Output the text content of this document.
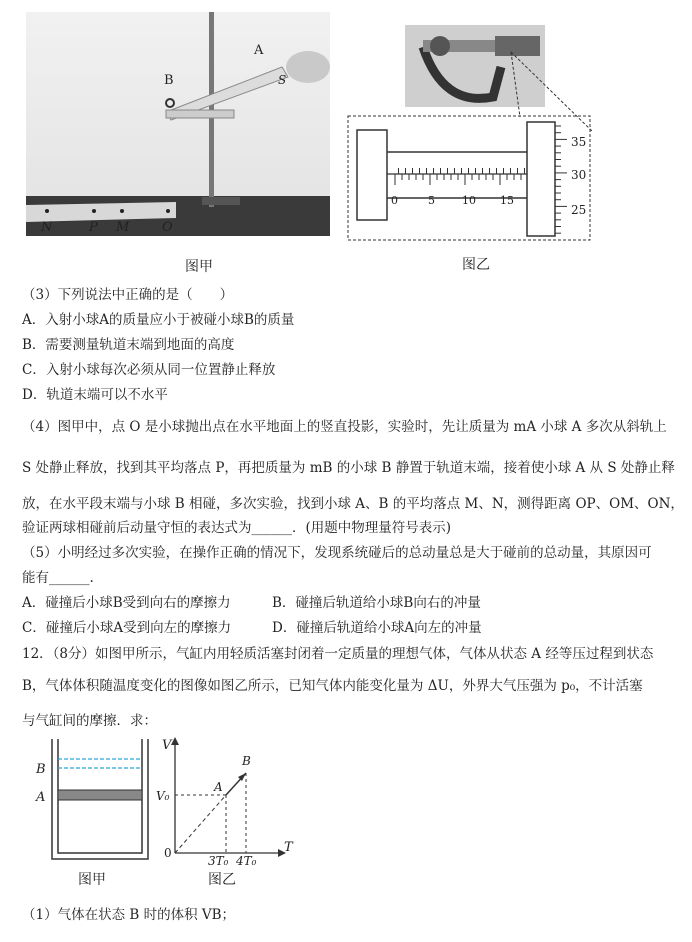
A
B	S
N	P M	O
图甲
0	5 10 15
35
30
25
图乙
（3）下列说法中正确的是（　　）
A．入射小球A的质量应小于被碰小球B的质量
B．需要测量轨道末端到地面的高度
C．入射小球每次必须从同一位置静止释放
D．轨道末端可以不水平
（4）图甲中，点 O 是小球抛出点在水平地面上的竖直投影，实验时，先让质量为 mA 小球 A 多次从斜轨上
S 处静止释放，找到其平均落点 P，再把质量为 mB 的小球 B 静置于轨道末端，接着使小球 A 从 S 处静止释
放，在水平段末端与小球 B 相碰，多次实验，找到小球 A、B 的平均落点 M、N，测得距离 OP、OM、ON，
验证两球相碰前后动量守恒的表达式为______．(用题中物理量符号表示)
（5）小明经过多次实验，在操作正确的情况下，发现系统碰后的总动量总是大于碰前的总动量，其原因可
能有______.
A．碰撞后小球B受到向右的摩擦力	B．碰撞后轨道给小球B向右的冲量
C．碰撞后小球A受到向左的摩擦力	D．碰撞后轨道给小球A向左的冲量
12．（8分）如图甲所示，气缸内用轻质活塞封闭着一定质量的理想气体，气体从状态 A 经等压过程到状态
B，气体体积随温度变化的图像如图乙所示，已知气体内能变化量为 ΔU，外界大气压强为 p₀，不计活塞
与气缸间的摩擦．求：
B
A
图甲
V
T
0
V₀
3T₀ 4T₀
A
B
图乙
（1）气体在状态 B 时的体积 VB；
